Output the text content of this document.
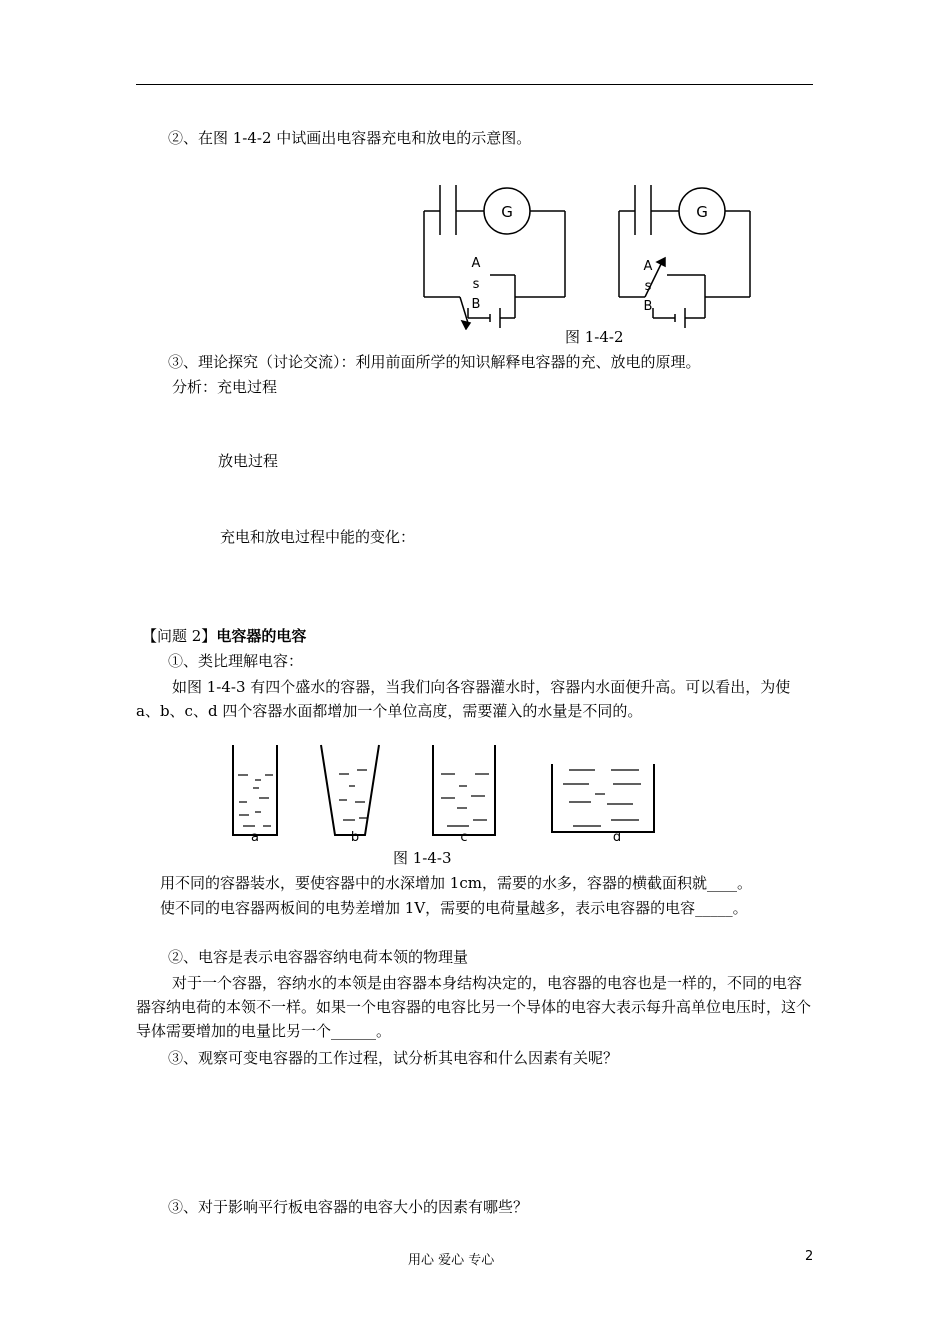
②、在图 1-4-2 中试画出电容器充电和放电的示意图。
G
A
s
B
G
A
s
B
图 1-4-2
③、理论探究（讨论交流）：利用前面所学的知识解释电容器的充、放电的原理。
分析：充电过程
放电过程
充电和放电过程中能的变化：
【问题 2】电容器的电容
①、类比理解电容：
如图 1-4-3 有四个盛水的容器，当我们向各容器灌水时，容器内水面便升高。可以看出，为使 a、b、c、d 四个容器水面都增加一个单位高度，需要灌入的水量是不同的。
a	b	c	d
图 1-4-3
用不同的容器装水，要使容器中的水深增加 1cm，需要的水多，容器的横截面积就____。
使不同的电容器两板间的电势差增加 1V，需要的电荷量越多，表示电容器的电容_____。
②、电容是表示电容器容纳电荷本领的物理量
对于一个容器，容纳水的本领是由容器本身结构决定的，电容器的电容也是一样的，不同的电容器容纳电荷的本领不一样。如果一个电容器的电容比另一个导体的电容大表示每升高单位电压时，这个导体需要增加的电量比另一个______。
③、观察可变电容器的工作过程，试分析其电容和什么因素有关呢？
③、对于影响平行板电容器的电容大小的因素有哪些？
用心 爱心 专心	2
